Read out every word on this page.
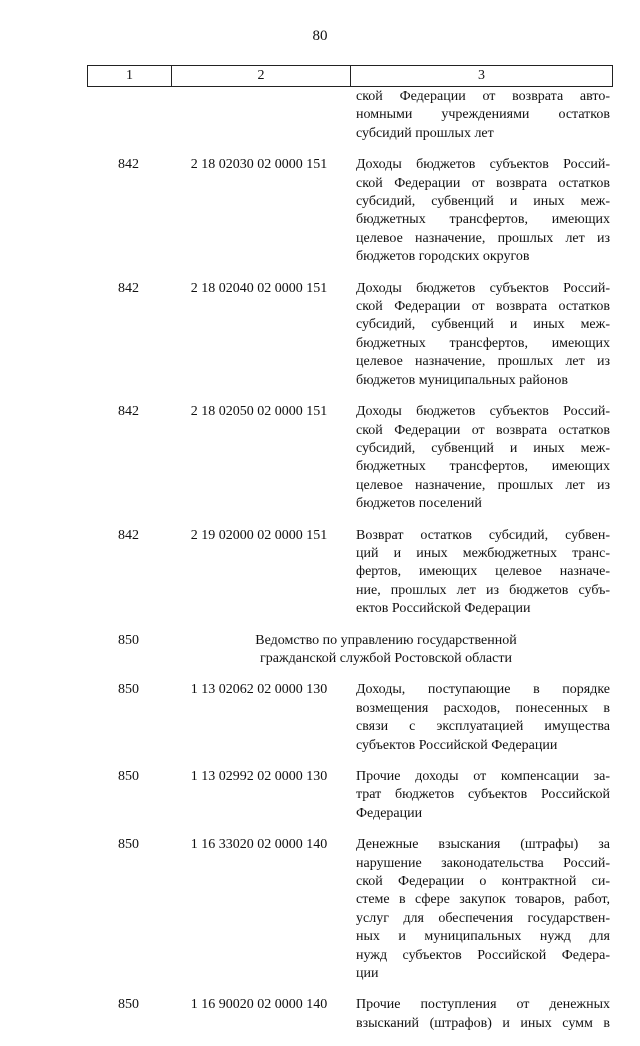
80
1	2	3
ской Федерации от возврата авто-
номными учреждениями остатков
субсидий прошлых лет
842	2 18 02030 02 0000 151	Доходы бюджетов субъектов Россий-
ской Федерации от возврата остатков
субсидий, субвенций и иных меж-
бюджетных трансфертов, имеющих
целевое назначение, прошлых лет из
бюджетов городских округов
842	2 18 02040 02 0000 151	Доходы бюджетов субъектов Россий-
ской Федерации от возврата остатков
субсидий, субвенций и иных меж-
бюджетных трансфертов, имеющих
целевое назначение, прошлых лет из
бюджетов муниципальных районов
842	2 18 02050 02 0000 151	Доходы бюджетов субъектов Россий-
ской Федерации от возврата остатков
субсидий, субвенций и иных меж-
бюджетных трансфертов, имеющих
целевое назначение, прошлых лет из
бюджетов поселений
842	2 19 02000 02 0000 151	Возврат остатков субсидий, субвен-
ций и иных межбюджетных транс-
фертов, имеющих целевое назначе-
ние, прошлых лет из бюджетов субъ-
ектов Российской Федерации
850	Ведомство по управлению государственной
гражданской службой Ростовской области
850	1 13 02062 02 0000 130	Доходы, поступающие в порядке
возмещения расходов, понесенных в
связи с эксплуатацией имущества
субъектов Российской Федерации
850	1 13 02992 02 0000 130	Прочие доходы от компенсации за-
трат бюджетов субъектов Российской
Федерации
850	1 16 33020 02 0000 140	Денежные взыскания (штрафы) за
нарушение законодательства Россий-
ской Федерации о контрактной си-
стеме в сфере закупок товаров, работ,
услуг для обеспечения государствен-
ных и муниципальных нужд для
нужд субъектов Российской Федера-
ции
850	1 16 90020 02 0000 140	Прочие поступления от денежных
взысканий (штрафов) и иных сумм в
